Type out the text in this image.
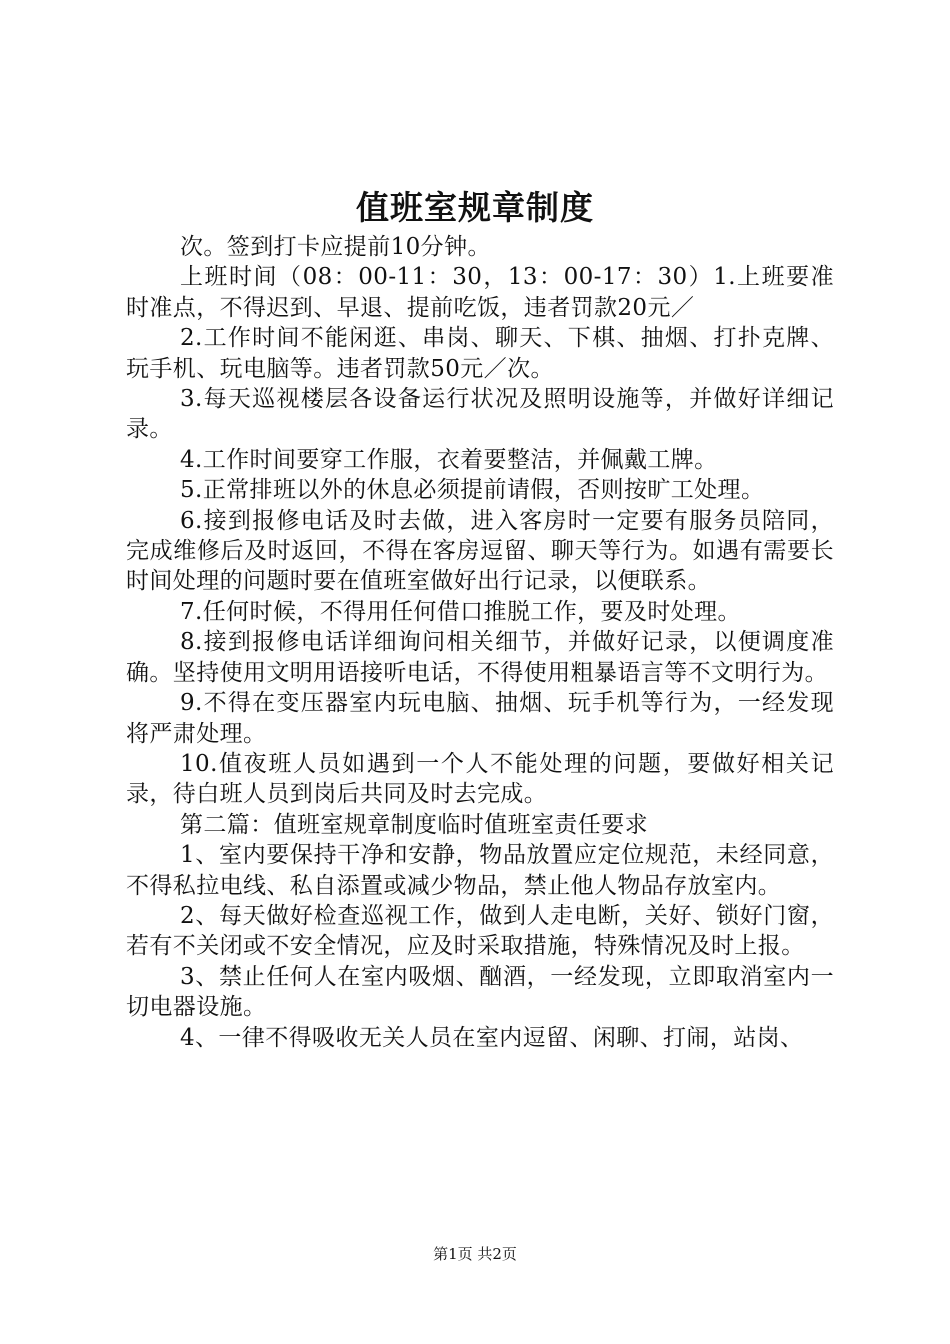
值班室规章制度

次。签到打卡应提前10分钟。

上班时间（08：00-11：30，13：00-17：30）1.上班要准时准点，不得迟到、早退、提前吃饭，违者罚款20元／

2.工作时间不能闲逛、串岗、聊天、下棋、抽烟、打扑克牌、玩手机、玩电脑等。违者罚款50元／次。

3.每天巡视楼层各设备运行状况及照明设施等，并做好详细记录。

4.工作时间要穿工作服，衣着要整洁，并佩戴工牌。

5.正常排班以外的休息必须提前请假，否则按旷工处理。

6.接到报修电话及时去做，进入客房时一定要有服务员陪同，完成维修后及时返回，不得在客房逗留、聊天等行为。如遇有需要长时间处理的问题时要在值班室做好出行记录，以便联系。

7.任何时候，不得用任何借口推脱工作，要及时处理。

8.接到报修电话详细询问相关细节，并做好记录，以便调度准确。坚持使用文明用语接听电话，不得使用粗暴语言等不文明行为。

9.不得在变压器室内玩电脑、抽烟、玩手机等行为，一经发现将严肃处理。

10.值夜班人员如遇到一个人不能处理的问题，要做好相关记录，待白班人员到岗后共同及时去完成。

第二篇：值班室规章制度临时值班室责任要求

1、室内要保持干净和安静，物品放置应定位规范，未经同意，不得私拉电线、私自添置或减少物品，禁止他人物品存放室内。

2、每天做好检查巡视工作，做到人走电断，关好、锁好门窗，若有不关闭或不安全情况，应及时采取措施，特殊情况及时上报。

3、禁止任何人在室内吸烟、酗酒，一经发现，立即取消室内一切电器设施。

4、一律不得吸收无关人员在室内逗留、闲聊、打闹，站岗、

第1页 共2页
